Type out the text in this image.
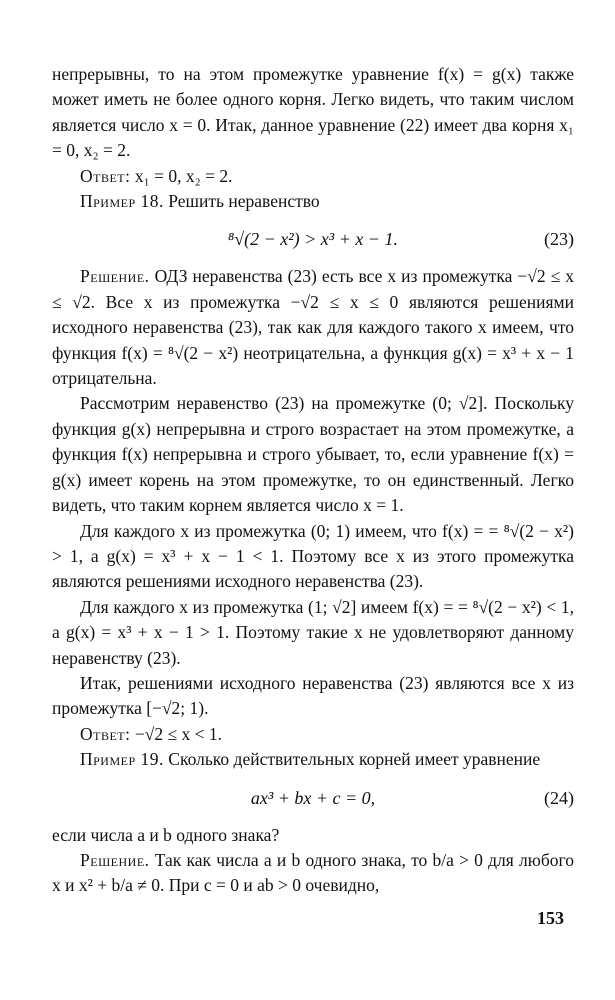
непрерывны, то на этом промежутке уравнение f(x) = g(x) также может иметь не более одного корня. Легко видеть, что таким числом является число x = 0. Итак, данное уравнение (22) имеет два корня x₁ = 0, x₂ = 2.

Ответ: x₁ = 0, x₂ = 2.

Пример 18. Решить неравенство

⁸√(2 − x²) > x³ + x − 1.	(23)

Решение. ОДЗ неравенства (23) есть все x из промежутка −√2 ≤ x ≤ √2. Все x из промежутка −√2 ≤ x ≤ 0 являются решениями исходного неравенства (23), так как для каждого такого x имеем, что функция f(x) = ⁸√(2 − x²) неотрицательна, а функция g(x) = x³ + x − 1 отрицательна.

Рассмотрим неравенство (23) на промежутке (0; √2]. Поскольку функция g(x) непрерывна и строго возрастает на этом промежутке, а функция f(x) непрерывна и строго убывает, то, если уравнение f(x) = g(x) имеет корень на этом промежутке, то он единственный. Легко видеть, что таким корнем является число x = 1.

Для каждого x из промежутка (0; 1) имеем, что f(x) = = ⁸√(2 − x²) > 1, а g(x) = x³ + x − 1 < 1. Поэтому все x из этого промежутка являются решениями исходного неравенства (23).

Для каждого x из промежутка (1; √2] имеем f(x) = = ⁸√(2 − x²) < 1, а g(x) = x³ + x − 1 > 1. Поэтому такие x не удовлетворяют данному неравенству (23).

Итак, решениями исходного неравенства (23) являются все x из промежутка [−√2; 1).

Ответ: −√2 ≤ x < 1.

Пример 19. Сколько действительных корней имеет уравнение

ax³ + bx + c = 0,	(24)

если числа a и b одного знака?

Решение. Так как числа a и b одного знака, то b/a > 0 для любого x и x² + b/a ≠ 0. При c = 0 и ab > 0 очевидно,

153
